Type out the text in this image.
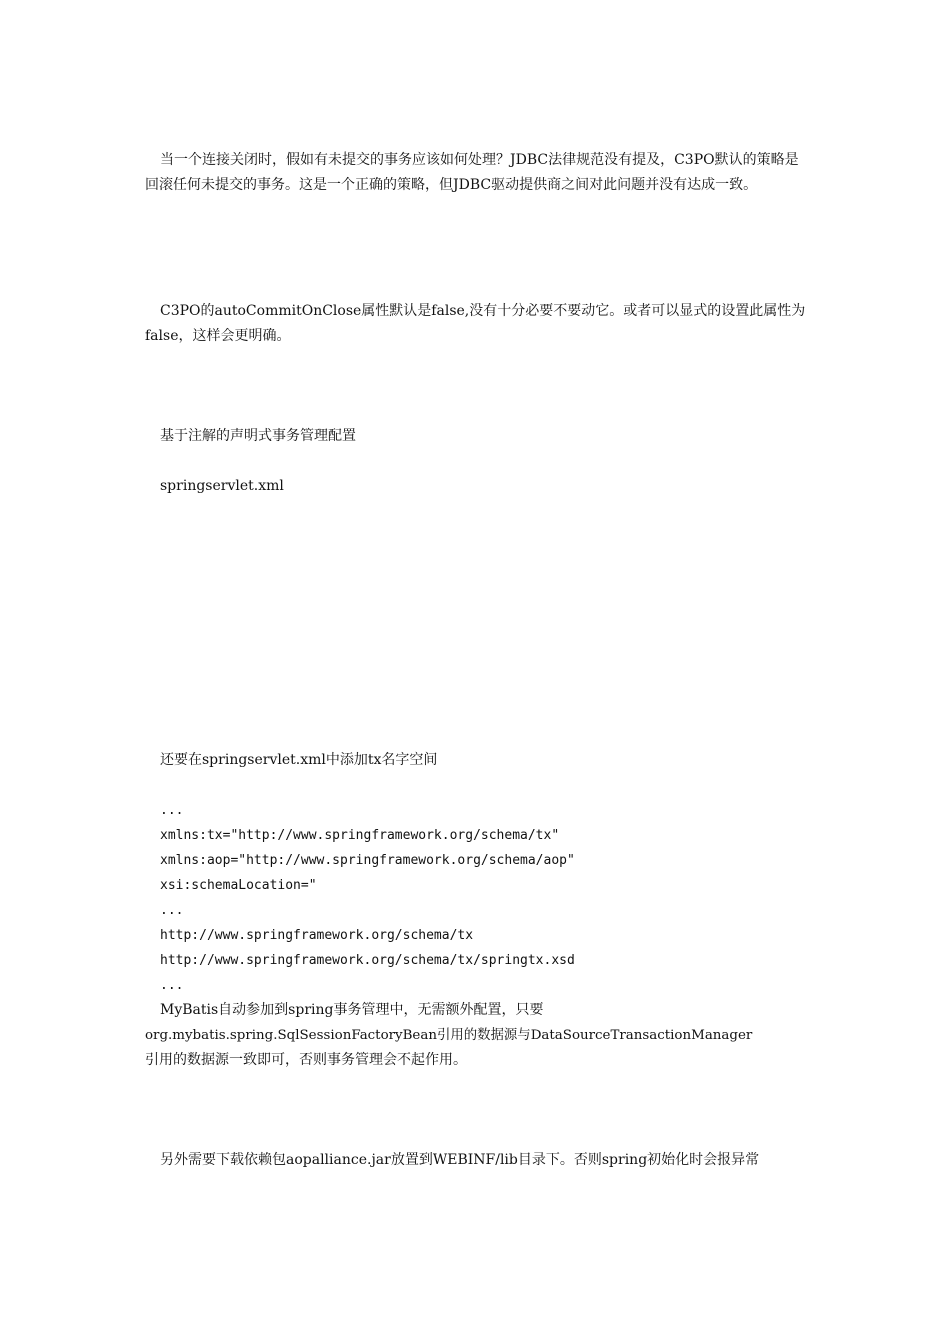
当一个连接关闭时，假如有未提交的事务应该如何处理？JDBC法律规范没有提及，C3PO默认的策略是回滚任何未提交的事务。这是一个正确的策略，但JDBC驱动提供商之间对此问题并没有达成一致。
C3PO的autoCommitOnClose属性默认是false,没有十分必要不要动它。或者可以显式的设置此属性为false，这样会更明确。
基于注解的声明式事务管理配置
springservlet.xml
还要在springservlet.xml中添加tx名字空间
...
xmlns:tx="http://www.springframework.org/schema/tx"
xmlns:aop="http://www.springframework.org/schema/aop"
xsi:schemaLocation="
...
http://www.springframework.org/schema/tx
http://www.springframework.org/schema/tx/springtx.xsd
...
MyBatis自动参加到spring事务管理中，无需额外配置，只要
org.mybatis.spring.SqlSessionFactoryBean引用的数据源与DataSourceTransactionManager
引用的数据源一致即可，否则事务管理会不起作用。
另外需要下载依赖包aopalliance.jar放置到WEBINF/lib目录下。否则spring初始化时会报异常
